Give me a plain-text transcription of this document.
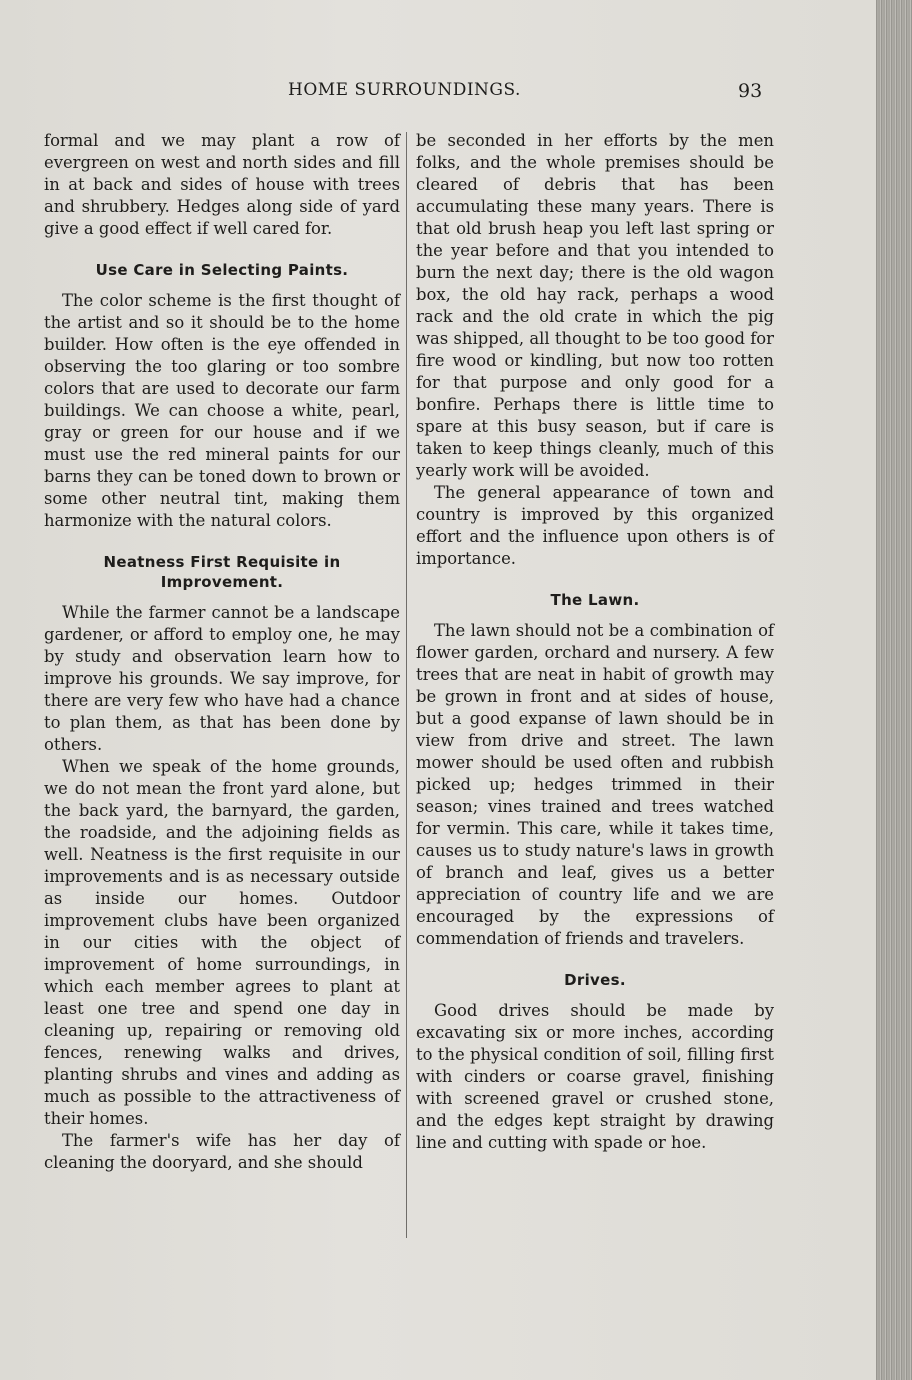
HOME SURROUNDINGS.	93

formal and we may plant a row of evergreen on west and north sides and fill in at back and sides of house with trees and shrubbery. Hedges along side of yard give a good effect if well cared for.

Use Care in Selecting Paints.

The color scheme is the first thought of the artist and so it should be to the home builder. How often is the eye offended in observing the too glaring or too sombre colors that are used to decorate our farm buildings. We can choose a white, pearl, gray or green for our house and if we must use the red mineral paints for our barns they can be toned down to brown or some other neutral tint, making them harmonize with the natural colors.

Neatness First Requisite in Improvement.

While the farmer cannot be a landscape gardener, or afford to employ one, he may by study and observation learn how to improve his grounds. We say improve, for there are very few who have had a chance to plan them, as that has been done by others.

When we speak of the home grounds, we do not mean the front yard alone, but the back yard, the barnyard, the garden, the roadside, and the adjoining fields as well. Neatness is the first requisite in our improvements and is as necessary outside as inside our homes. Outdoor improvement clubs have been organized in our cities with the object of improvement of home surroundings, in which each member agrees to plant at least one tree and spend one day in cleaning up, repairing or removing old fences, renewing walks and drives, planting shrubs and vines and adding as much as possible to the attractiveness of their homes.

The farmer's wife has her day of cleaning the dooryard, and she should

be seconded in her efforts by the men folks, and the whole premises should be cleared of debris that has been accumulating these many years. There is that old brush heap you left last spring or the year before and that you intended to burn the next day; there is the old wagon box, the old hay rack, perhaps a wood rack and the old crate in which the pig was shipped, all thought to be too good for fire wood or kindling, but now too rotten for that purpose and only good for a bonfire. Perhaps there is little time to spare at this busy season, but if care is taken to keep things cleanly, much of this yearly work will be avoided.

The general appearance of town and country is improved by this organized effort and the influence upon others is of importance.

The Lawn.

The lawn should not be a combination of flower garden, orchard and nursery. A few trees that are neat in habit of growth may be grown in front and at sides of house, but a good expanse of lawn should be in view from drive and street. The lawn mower should be used often and rubbish picked up; hedges trimmed in their season; vines trained and trees watched for vermin. This care, while it takes time, causes us to study nature's laws in growth of branch and leaf, gives us a better appreciation of country life and we are encouraged by the expressions of commendation of friends and travelers.

Drives.

Good drives should be made by excavating six or more inches, according to the physical condition of soil, filling first with cinders or coarse gravel, finishing with screened gravel or crushed stone, and the edges kept straight by drawing line and cutting with spade or hoe.
